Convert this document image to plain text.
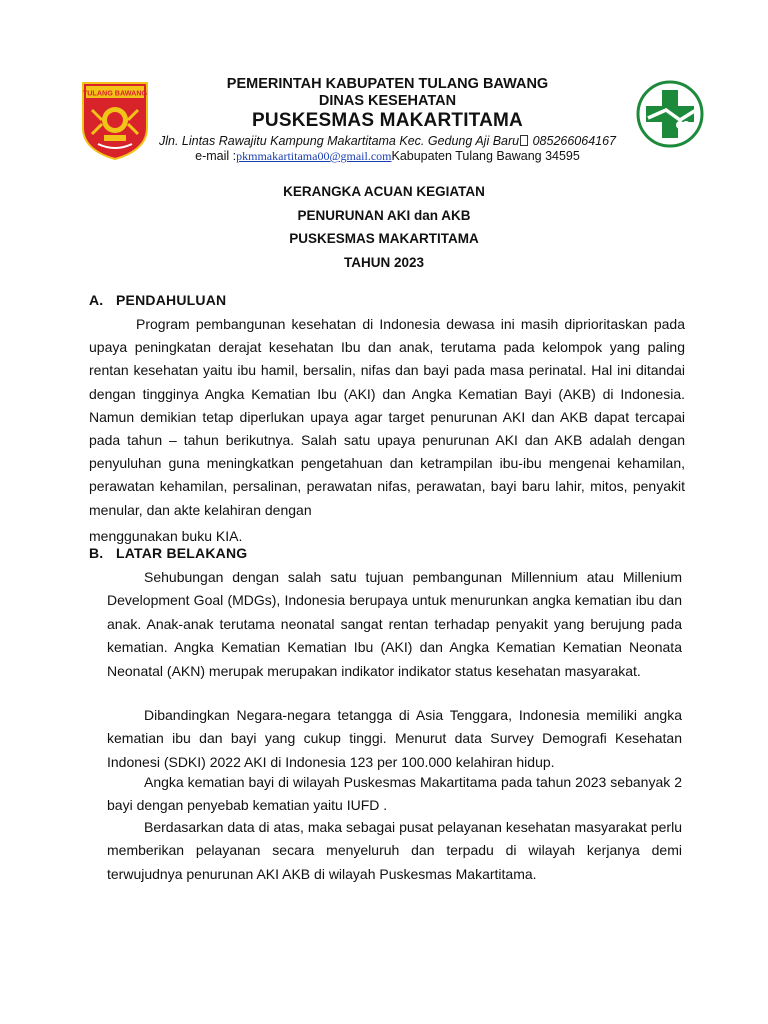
TULANG BAWANG
PEMERINTAH KABUPATEN TULANG BAWANG
DINAS KESEHATAN
PUSKESMAS MAKARTITAMA
Jln. Lintas Rawajitu Kampung Makartitama Kec. Gedung Aji Baru 085266064167
e-mail :pkmmakartitama00@gmail.comKabupaten Tulang Bawang 34595
KERANGKA ACUAN KEGIATAN
PENURUNAN AKI dan AKB
PUSKESMAS MAKARTITAMA
TAHUN 2023
A. PENDAHULUAN
Program pembangunan kesehatan di Indonesia dewasa ini masih diprioritaskan pada upaya peningkatan derajat kesehatan Ibu dan anak, terutama pada kelompok yang paling rentan kesehatan yaitu ibu hamil, bersalin, nifas dan bayi pada masa perinatal. Hal ini ditandai dengan tingginya Angka Kematian Ibu (AKI) dan Angka Kematian Bayi (AKB) di Indonesia. Namun demikian tetap diperlukan upaya agar target penurunan AKI dan AKB dapat tercapai pada tahun – tahun berikutnya. Salah satu upaya penurunan AKI dan AKB adalah dengan penyuluhan guna meningkatkan pengetahuan dan ketrampilan ibu-ibu mengenai kehamilan, perawatan kehamilan, persalinan, perawatan nifas, perawatan, bayi baru lahir, mitos, penyakit menular, dan akte kelahiran dengan
menggunakan buku KIA.
B. LATAR BELAKANG
Sehubungan dengan salah satu tujuan pembangunan Millennium atau Millenium Development Goal (MDGs), Indonesia berupaya untuk menurunkan angka kematian ibu dan anak. Anak-anak terutama neonatal sangat rentan terhadap penyakit yang berujung pada kematian. Angka Kematian Kematian Ibu (AKI) dan Angka Kematian Kematian Neonata Neonatal (AKN) merupak merupakan indikator indikator status kesehatan masyarakat.
Dibandingkan Negara-negara tetangga di Asia Tenggara, Indonesia memiliki angka kematian ibu dan bayi yang cukup tinggi. Menurut data Survey Demografi Kesehatan Indonesi (SDKI) 2022 AKI di Indonesia 123 per 100.000 kelahiran hidup.
Angka kematian bayi di wilayah Puskesmas Makartitama pada tahun 2023 sebanyak 2 bayi dengan penyebab kematian yaitu IUFD .
Berdasarkan data di atas, maka sebagai pusat pelayanan kesehatan masyarakat perlu memberikan pelayanan secara menyeluruh dan terpadu di wilayah kerjanya demi terwujudnya penurunan AKI AKB di wilayah Puskesmas Makartitama.
